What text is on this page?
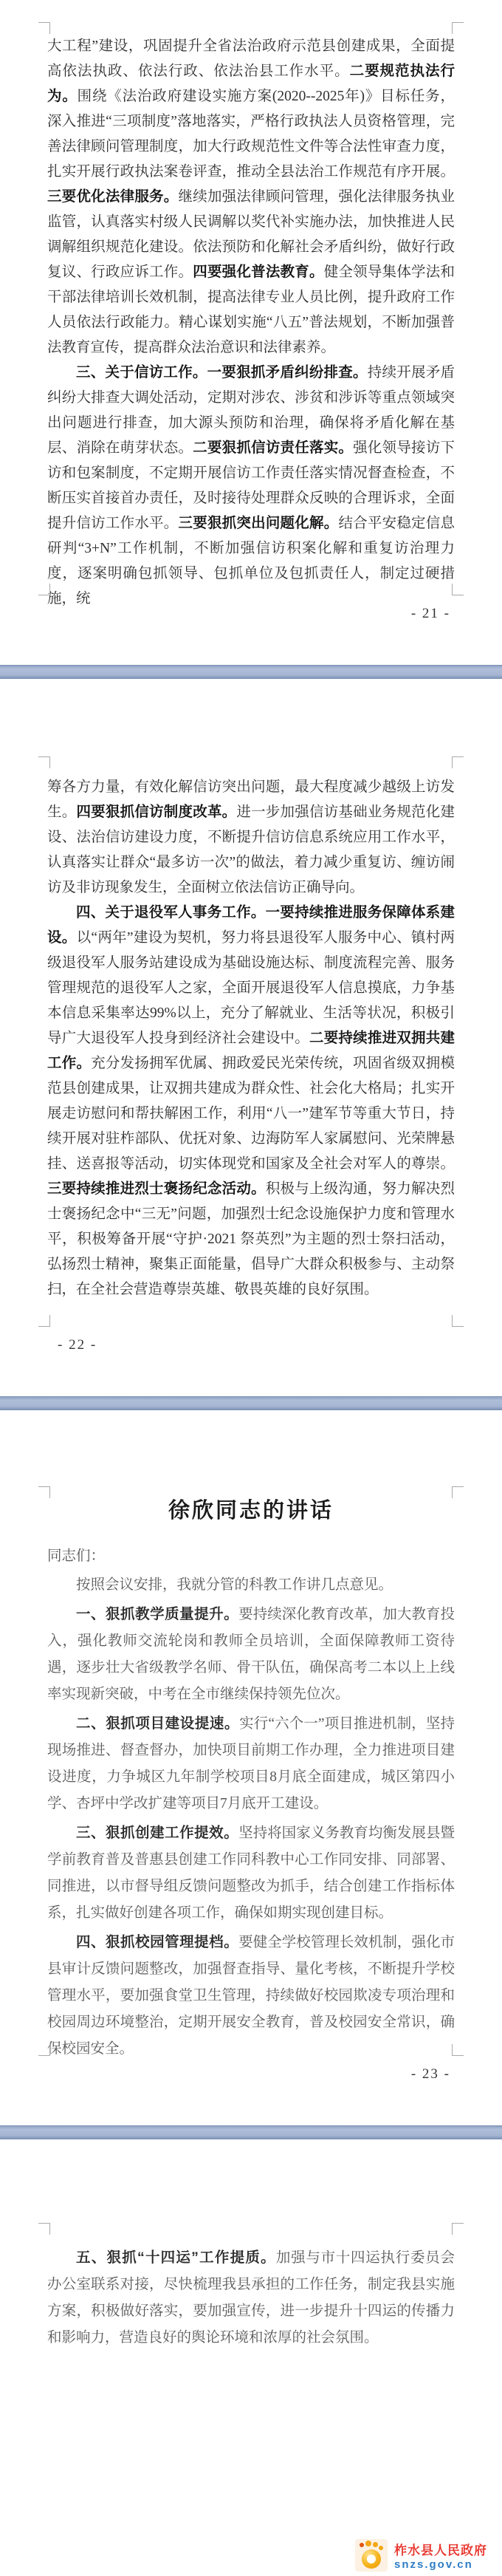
大工程”建设，巩固提升全省法治政府示范县创建成果，全面提高依法执政、依法行政、依法治县工作水平。二要规范执法行为。围绕《法治政府建设实施方案(2020--2025年)》目标任务，深入推进“三项制度”落地落实，严格行政执法人员资格管理，完善法律顾问管理制度，加大行政规范性文件等合法性审查力度，扎实开展行政执法案卷评查，推动全县法治工作规范有序开展。三要优化法律服务。继续加强法律顾问管理，强化法律服务执业监管，认真落实村级人民调解以奖代补实施办法，加快推进人民调解组织规范化建设。依法预防和化解社会矛盾纠纷，做好行政复议、行政应诉工作。四要强化普法教育。健全领导集体学法和干部法律培训长效机制，提高法律专业人员比例，提升政府工作人员依法行政能力。精心谋划实施“八五”普法规划，不断加强普法教育宣传，提高群众法治意识和法律素养。

三、关于信访工作。一要狠抓矛盾纠纷排查。持续开展矛盾纠纷大排查大调处活动，定期对涉农、涉贫和涉诉等重点领域突出问题进行排查，加大源头预防和治理，确保将矛盾化解在基层、消除在萌芽状态。二要狠抓信访责任落实。强化领导接访下访和包案制度，不定期开展信访工作责任落实情况督查检查，不断压实首接首办责任，及时接待处理群众反映的合理诉求，全面提升信访工作水平。三要狠抓突出问题化解。结合平安稳定信息研判“3+N”工作机制，不断加强信访积案化解和重复访治理力度，逐案明确包抓领导、包抓单位及包抓责任人，制定过硬措施，统

- 21 -

筹各方力量，有效化解信访突出问题，最大程度减少越级上访发生。四要狠抓信访制度改革。进一步加强信访基础业务规范化建设、法治信访建设力度，不断提升信访信息系统应用工作水平，认真落实让群众“最多访一次”的做法，着力减少重复访、缠访闹访及非访现象发生，全面树立依法信访正确导向。

四、关于退役军人事务工作。一要持续推进服务保障体系建设。以“两年”建设为契机，努力将县退役军人服务中心、镇村两级退役军人服务站建设成为基础设施达标、制度流程完善、服务管理规范的退役军人之家，全面开展退役军人信息摸底，力争基本信息采集率达99%以上，充分了解就业、生活等状况，积极引导广大退役军人投身到经济社会建设中。二要持续推进双拥共建工作。充分发扬拥军优属、拥政爱民光荣传统，巩固省级双拥模范县创建成果，让双拥共建成为群众性、社会化大格局；扎实开展走访慰问和帮扶解困工作，利用“八一”建军节等重大节日，持续开展对驻柞部队、优抚对象、边海防军人家属慰问、光荣牌悬挂、送喜报等活动，切实体现党和国家及全社会对军人的尊崇。三要持续推进烈士褒扬纪念活动。积极与上级沟通，努力解决烈士褒扬纪念中“三无”问题，加强烈士纪念设施保护力度和管理水平，积极筹备开展“守护·2021 祭英烈”为主题的烈士祭扫活动，弘扬烈士精神，聚集正面能量，倡导广大群众积极参与、主动祭扫，在全社会营造尊崇英雄、敬畏英雄的良好氛围。

- 22 -
徐欣同志的讲话

同志们：

按照会议安排，我就分管的科教工作讲几点意见。

一、狠抓教学质量提升。要持续深化教育改革，加大教育投入，强化教师交流轮岗和教师全员培训，全面保障教师工资待遇，逐步壮大省级教学名师、骨干队伍，确保高考二本以上上线率实现新突破，中考在全市继续保持领先位次。

二、狠抓项目建设提速。实行“六个一”项目推进机制，坚持现场推进、督查督办，加快项目前期工作办理，全力推进项目建设进度，力争城区九年制学校项目8月底全面建成，城区第四小学、杏坪中学改扩建等项目7月底开工建设。

三、狠抓创建工作提效。坚持将国家义务教育均衡发展县暨学前教育普及普惠县创建工作同科教中心工作同安排、同部署、同推进，以市督导组反馈问题整改为抓手，结合创建工作指标体系，扎实做好创建各项工作，确保如期实现创建目标。

四、狠抓校园管理提档。要健全学校管理长效机制，强化市县审计反馈问题整改，加强督查指导、量化考核，不断提升学校管理水平，要加强食堂卫生管理，持续做好校园欺凌专项治理和校园周边环境整治，定期开展安全教育，普及校园安全常识，确保校园安全。

- 23 -

五、狠抓“十四运”工作提质。加强与市十四运执行委员会办公室联系对接，尽快梳理我县承担的工作任务，制定我县实施方案，积极做好落实，要加强宣传，进一步提升十四运的传播力和影响力，营造良好的舆论环境和浓厚的社会氛围。

柞水县人民政府
snzs.gov.cn
